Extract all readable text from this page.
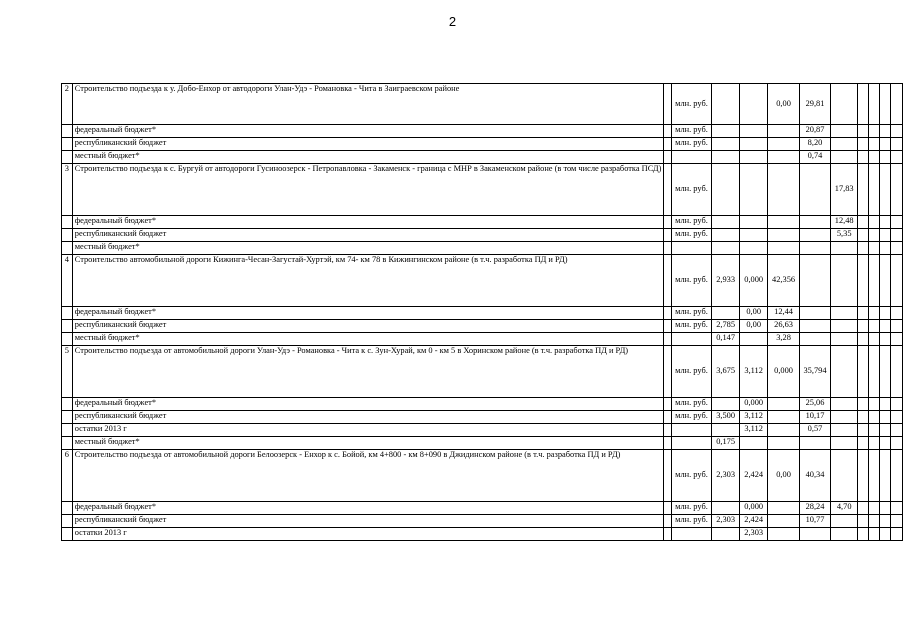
2
2	Строительство подъезда к у. Добо-Енхор от автодороги Улан-Удэ - Романовка - Чита в Заиграевском районе		млн. руб.			0,00	29,81					
	федеральный бюджет*		млн. руб.				20,87					
	республиканский бюджет		млн. руб.				8,20					
	местный бюджет*						0,74					
3	Строительство подъезда к с. Бургуй от автодороги Гусиноозерск - Петропавловка - Закаменск - граница с МНР в Закаменском районе (в том числе разработка ПСД)		млн. руб.					17,83				
	федеральный бюджет*		млн. руб.					12,48				
	республиканский бюджет		млн. руб.					5,35				
	местный бюджет*											
4	Строительство автомобильной дороги Кижинга-Чесан-Загустай-Хуртэй, км 74- км 78 в Кижингинском районе (в т.ч. разработка ПД и РД)		млн. руб.	2,933	0,000	42,356						
	федеральный бюджет*		млн. руб.		0,00	12,44						
	республиканский бюджет		млн. руб.	2,785	0,00	26,63						
	местный бюджет*			0,147		3,28						
5	Строительство подъезда от автомобильной дороги Улан-Удэ - Романовка - Чита к с. Зун-Хурай, км 0 - км 5 в Хоринском районе (в т.ч. разработка ПД и РД)		млн. руб.	3,675	3,112	0,000	35,794					
	федеральный бюджет*		млн. руб.		0,000		25,06					
	республиканский бюджет		млн. руб.	3,500	3,112		10,17					
	остатки 2013 г				3,112		0,57					
	местный бюджет*			0,175								
6	Строительство подъезда от автомобильной дороги Белоозерск - Енхор к с. Бойой, км 4+800 - км 8+090 в Джидинском районе (в т.ч. разработка ПД и РД)		млн. руб.	2,303	2,424	0,00	40,34					
	федеральный бюджет*		млн. руб.		0,000		28,24	4,70				
	республиканский бюджет		млн. руб.	2,303	2,424		10,77					
	остатки 2013 г				2,303							
